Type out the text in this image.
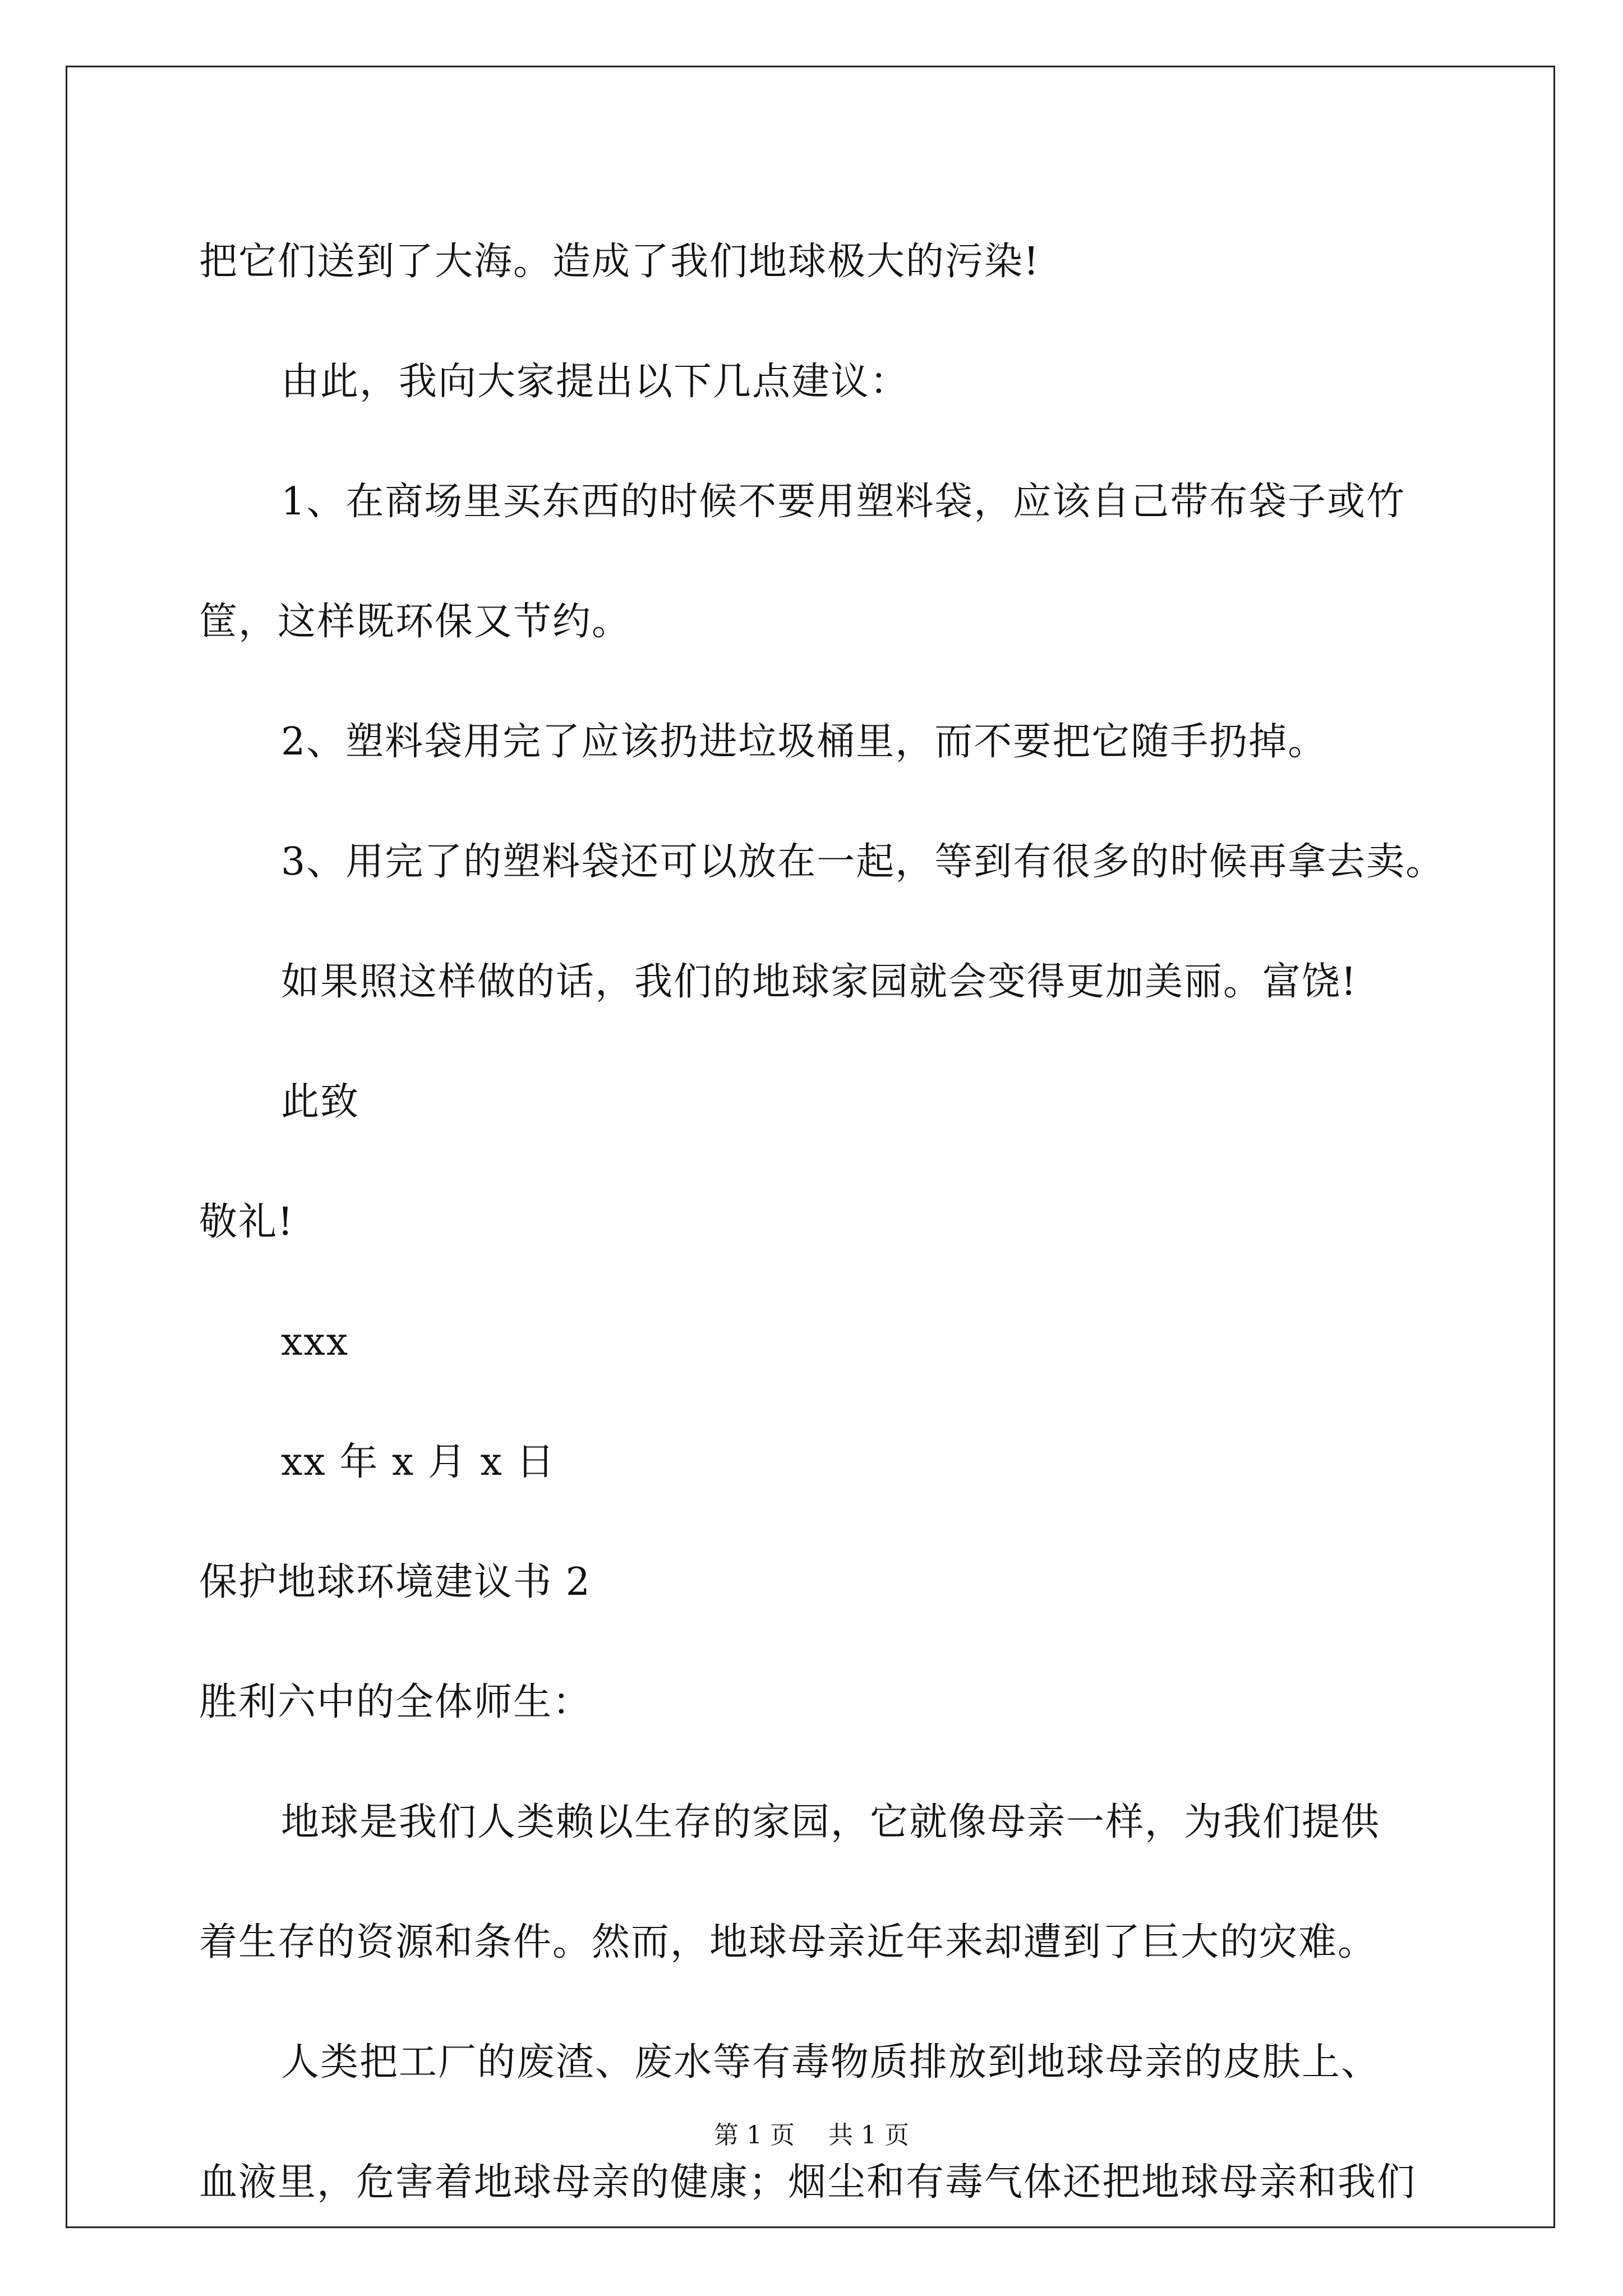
把它们送到了大海。造成了我们地球极大的污染!
由此，我向大家提出以下几点建议：
1、在商场里买东西的时候不要用塑料袋，应该自己带布袋子或竹
筐，这样既环保又节约。
2、塑料袋用完了应该扔进垃圾桶里，而不要把它随手扔掉。
3、用完了的塑料袋还可以放在一起，等到有很多的时候再拿去卖。
如果照这样做的话，我们的地球家园就会变得更加美丽。富饶!
此致
敬礼!
xxx
xx 年 x 月 x 日
保护地球环境建议书 2
胜利六中的全体师生：
地球是我们人类赖以生存的家园，它就像母亲一样，为我们提供
着生存的资源和条件。然而，地球母亲近年来却遭到了巨大的灾难。
人类把工厂的废渣、废水等有毒物质排放到地球母亲的皮肤上、
血液里，危害着地球母亲的健康；烟尘和有毒气体还把地球母亲和我们
第 1 页 共 1 页
